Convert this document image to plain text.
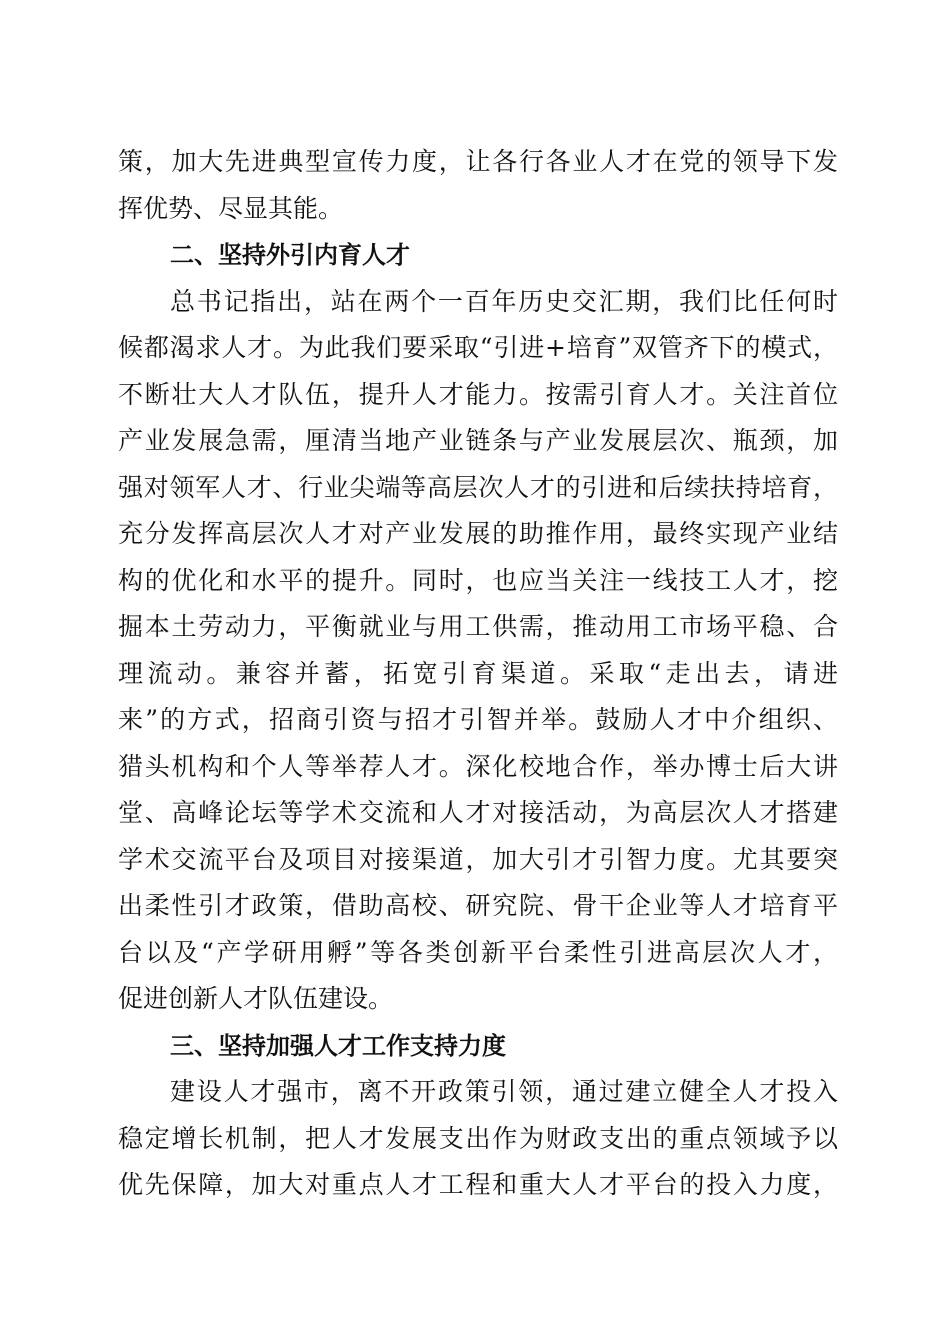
策，加大先进典型宣传力度，让各行各业人才在党的领导下发
挥优势、尽显其能。
二、坚持外引内育人才
总书记指出，站在两个一百年历史交汇期，我们比任何时
候都渴求人才。为此我们要采取“引进+培育”双管齐下的模式，
不断壮大人才队伍，提升人才能力。按需引育人才。关注首位
产业发展急需，厘清当地产业链条与产业发展层次、瓶颈，加
强对领军人才、行业尖端等高层次人才的引进和后续扶持培育，
充分发挥高层次人才对产业发展的助推作用，最终实现产业结
构的优化和水平的提升。同时，也应当关注一线技工人才，挖
掘本土劳动力，平衡就业与用工供需，推动用工市场平稳、合
理流动。兼容并蓄，拓宽引育渠道。采取“走出去，请进
来”的方式，招商引资与招才引智并举。鼓励人才中介组织、
猎头机构和个人等举荐人才。深化校地合作，举办博士后大讲
堂、高峰论坛等学术交流和人才对接活动，为高层次人才搭建
学术交流平台及项目对接渠道，加大引才引智力度。尤其要突
出柔性引才政策，借助高校、研究院、骨干企业等人才培育平
台以及“产学研用孵”等各类创新平台柔性引进高层次人才，
促进创新人才队伍建设。
三、坚持加强人才工作支持力度
建设人才强市，离不开政策引领，通过建立健全人才投入
稳定增长机制，把人才发展支出作为财政支出的重点领域予以
优先保障，加大对重点人才工程和重大人才平台的投入力度，
